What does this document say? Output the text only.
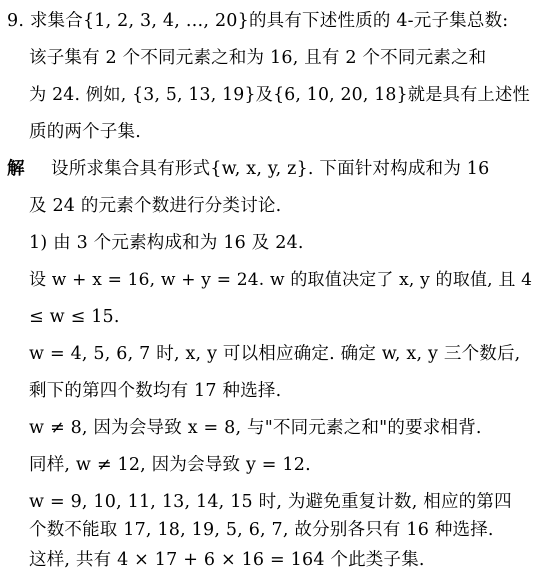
9. 求集合{1, 2, 3, 4, …, 20}的具有下述性质的 4-元子集总数:
该子集有 2 个不同元素之和为 16, 且有 2 个不同元素之和
为 24. 例如, {3, 5, 13, 19}及{6, 10, 20, 18}就是具有上述性
质的两个子集.
解 设所求集合具有形式{w, x, y, z}. 下面针对构成和为 16
及 24 的元素个数进行分类讨论.
1) 由 3 个元素构成和为 16 及 24.
设 w + x = 16, w + y = 24. w 的取值决定了 x, y 的取值, 且 4
≤ w ≤ 15.
w = 4, 5, 6, 7 时, x, y 可以相应确定. 确定 w, x, y 三个数后,
剩下的第四个数均有 17 种选择.
w ≠ 8, 因为会导致 x = 8, 与"不同元素之和"的要求相背.
同样, w ≠ 12, 因为会导致 y = 12.
w = 9, 10, 11, 13, 14, 15 时, 为避免重复计数, 相应的第四
个数不能取 17, 18, 19, 5, 6, 7, 故分别各只有 16 种选择.
这样, 共有 4 × 17 + 6 × 16 = 164 个此类子集.
